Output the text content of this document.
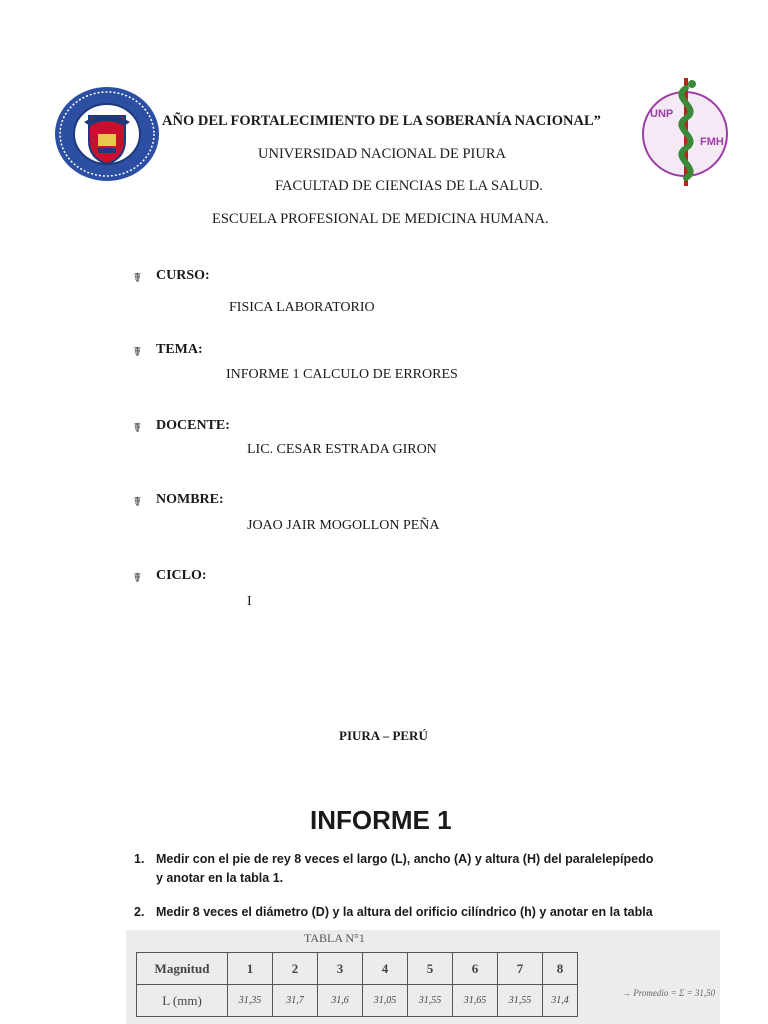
UNP
FMH
AÑO DEL FORTALECIMIENTO DE LA SOBERANÍA NACIONAL”
UNIVERSIDAD NACIONAL DE PIURA
FACULTAD DE CIENCIAS DE LA SALUD.
ESCUELA PROFESIONAL DE MEDICINA HUMANA.
☤ CURSO:
FISICA LABORATORIO
☤ TEMA:
INFORME 1 CALCULO DE ERRORES
☤ DOCENTE:
LIC. CESAR ESTRADA GIRON
☤ NOMBRE:
JOAO JAIR MOGOLLON PEÑA
☤ CICLO:
I
PIURA – PERÚ
INFORME 1
1. Medir con el pie de rey 8 veces el largo (L), ancho (A) y altura (H) del paralelepípedo y anotar en la tabla 1.
2. Medir 8 veces el diámetro (D) y la altura del orificio cilíndrico (h) y anotar en la tabla
TABLA N°1
Magnitud	1	2	3	4	5	6	7	8
L (mm)	31,35	31,7	31,6	31,05	31,55	31,65	31,55	31,4
→ Promedio = Σ = 31,50
